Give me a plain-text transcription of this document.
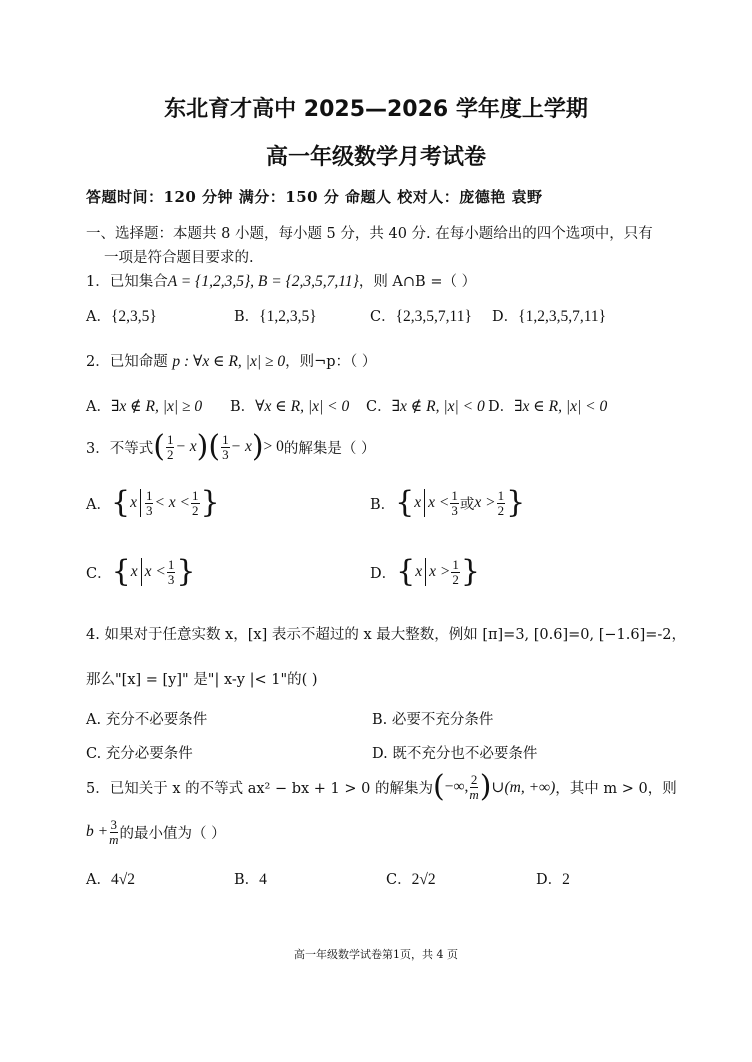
东北育才高中 2025—2026 学年度上学期
高一年级数学月考试卷
答题时间：120 分钟 满分：150 分 命题人 校对人：庞德艳 袁野
一、选择题：本题共 8 小题，每小题 5 分，共 40 分. 在每小题给出的四个选项中，只有
一项是符合题目要求的.
1．已知集合A = {1,2,3,5}, B = {2,3,5,7,11}，则 A∩B =（ ）
A．{2,3,5}	B．{1,2,3,5}	C．{2,3,5,7,11} D．{1,2,3,5,7,11}
2．已知命题 p : ∀x ∈ R, |x| ≥ 0，则¬p：（ ）
A．∃x ∉ R, |x| ≥ 0 B．∀x ∈ R, |x| < 0 C．∃x ∉ R, |x| < 0 D．∃x ∈ R, |x| < 0
3．不等式 ( $\frac{1}{2} - x$ ) ( $\frac{1}{3} - x$ ) > 0 的解集是（ ）
A． { x $\frac{1}{3} < x < \frac{1}{2}$ }	B． { x $x < \frac{1}{3}$ 或 $x > \frac{1}{2}$ }
C． { x $x < \frac{1}{3}$ }	D． { x $x > \frac{1}{2}$ }
4. 如果对于任意实数 x，[x] 表示不超过的 x 最大整数，例如 [π]=3, [0.6]=0, [−1.6]=-2，
那么"[x] = [y]" 是"| x-y |< 1"的( )
A. 充分不必要条件	B. 必要不充分条件
C. 充分必要条件	D. 既不充分也不必要条件
5．已知关于 x 的不等式 ax² − bx + 1 > 0 的解集为 ( −∞, $\frac{2}{m}$ ) ∪(m, +∞) ，其中 m > 0，则
$b + \frac{3}{m}$ 的最小值为（ ）
A．4√2	B．4	C．2√2	D．2
高一年级数学试卷第1页，共 4 页
